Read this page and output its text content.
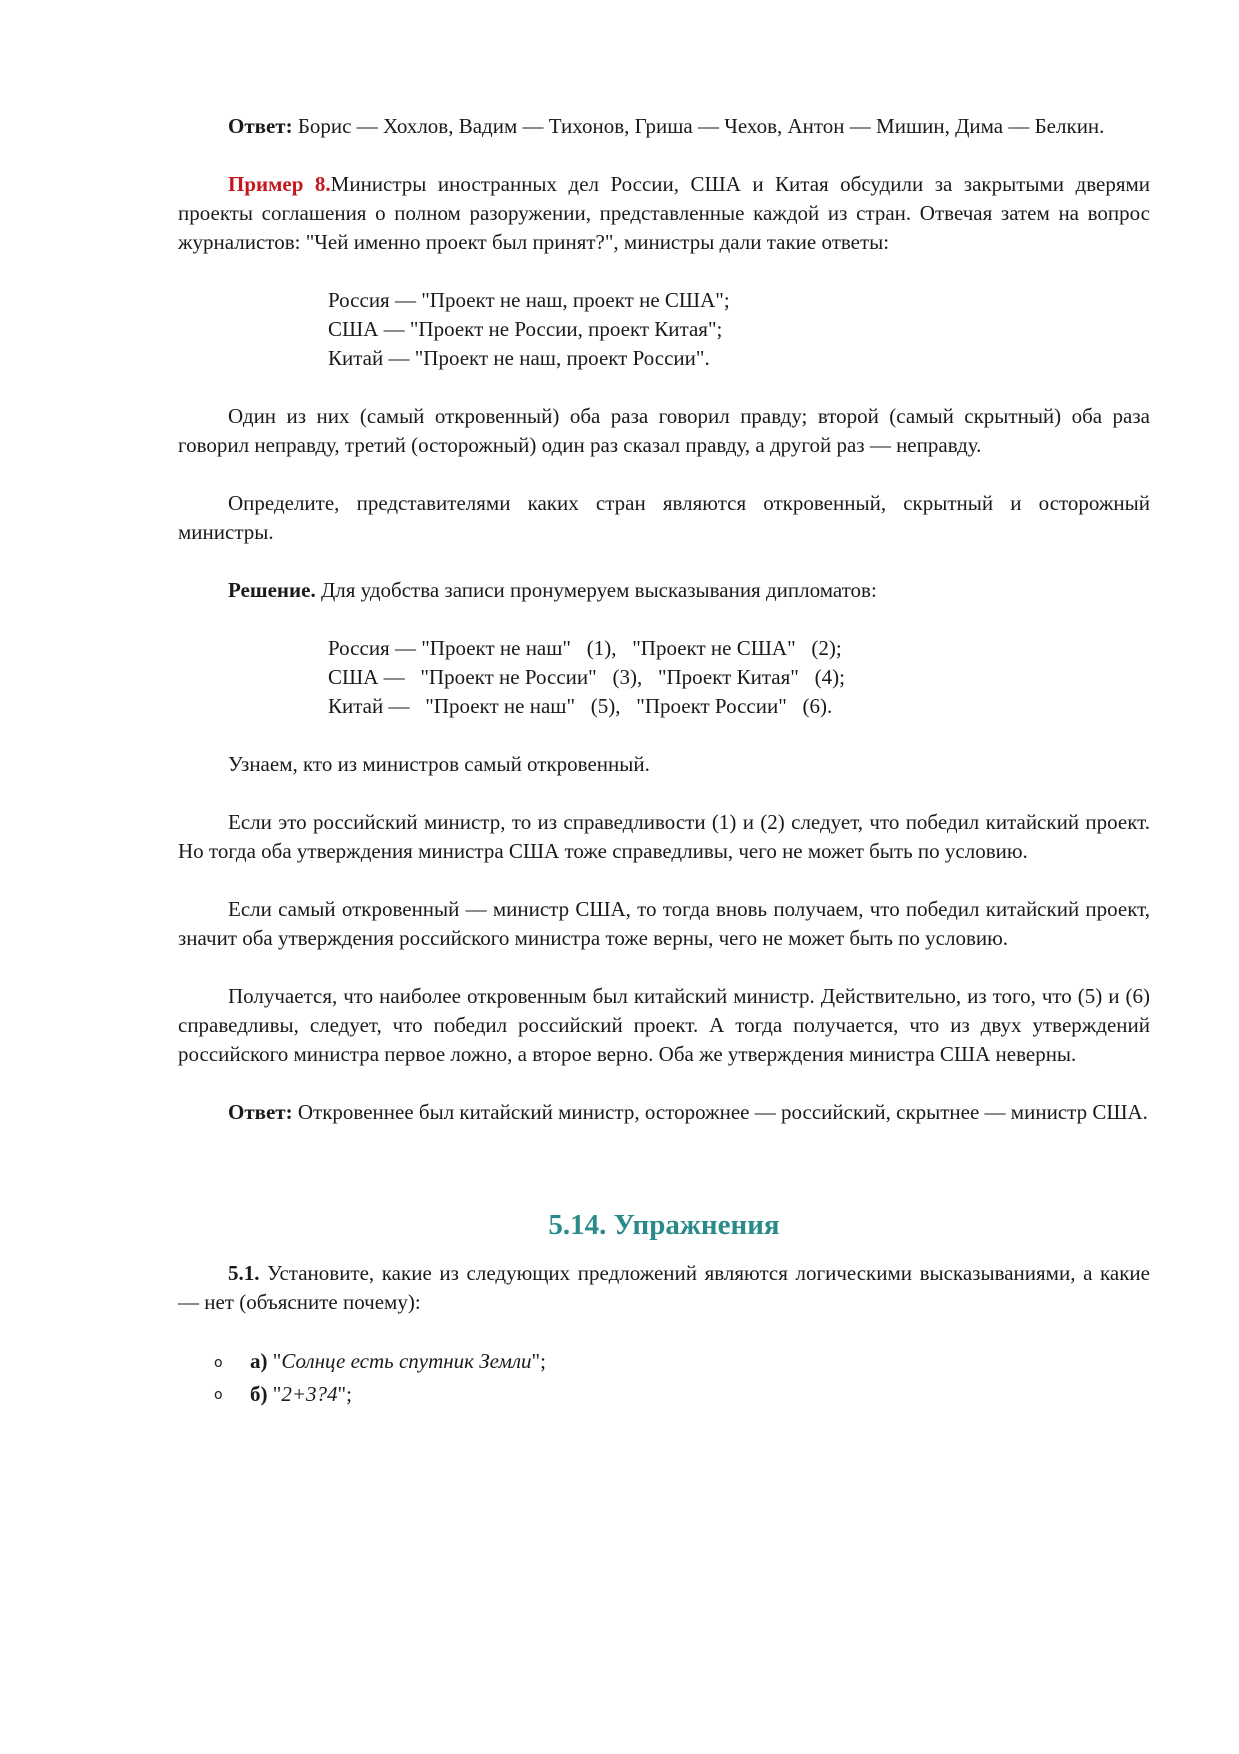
Ответ: Борис — Хохлов, Вадим — Тихонов, Гриша — Чехов, Антон — Мишин, Дима — Белкин.

Пример 8.Министры иностранных дел России, США и Китая обсудили за закрытыми дверями проекты соглашения о полном разоружении, представленные каждой из стран. Отвечая затем на вопрос журналистов: "Чей именно проект был принят?", министры дали такие ответы:

Россия — "Проект не наш, проект не США";
США — "Проект не России, проект Китая";
Китай — "Проект не наш, проект России".

Один из них (самый откровенный) оба раза говорил правду; второй (самый скрытный) оба раза говорил неправду, третий (осторожный) один раз сказал правду, а другой раз — неправду.

Определите, представителями каких стран являются откровенный, скрытный и осторожный министры.

Решение. Для удобства записи пронумеруем высказывания дипломатов:

Россия — "Проект не наш"   (1),   "Проект не США"   (2);
США —   "Проект не России"   (3),   "Проект Китая"   (4);
Китай —   "Проект не наш"   (5),   "Проект России"   (6).

Узнаем, кто из министров самый откровенный.

Если это российский министр, то из справедливости (1) и (2) следует, что победил китайский проект. Но тогда оба утверждения министра США тоже справедливы, чего не может быть по условию.

Если самый откровенный — министр США, то тогда вновь получаем, что победил китайский проект, значит оба утверждения российского министра тоже верны, чего не может быть по условию.

Получается, что наиболее откровенным был китайский министр. Действительно, из того, что (5) и (6) справедливы, следует, что победил российский проект. А тогда получается, что из двух утверждений российского министра первое ложно, а второе верно. Оба же утверждения министра США неверны.

Ответ: Откровеннее был китайский министр, осторожнее — российский, скрытнее — министр США.

5.14. Упражнения

5.1. Установите, какие из следующих предложений являются логическими высказываниями, а какие — нет (объясните почему):

o а) "Солнце есть спутник Земли";
o б) "2+3?4";
